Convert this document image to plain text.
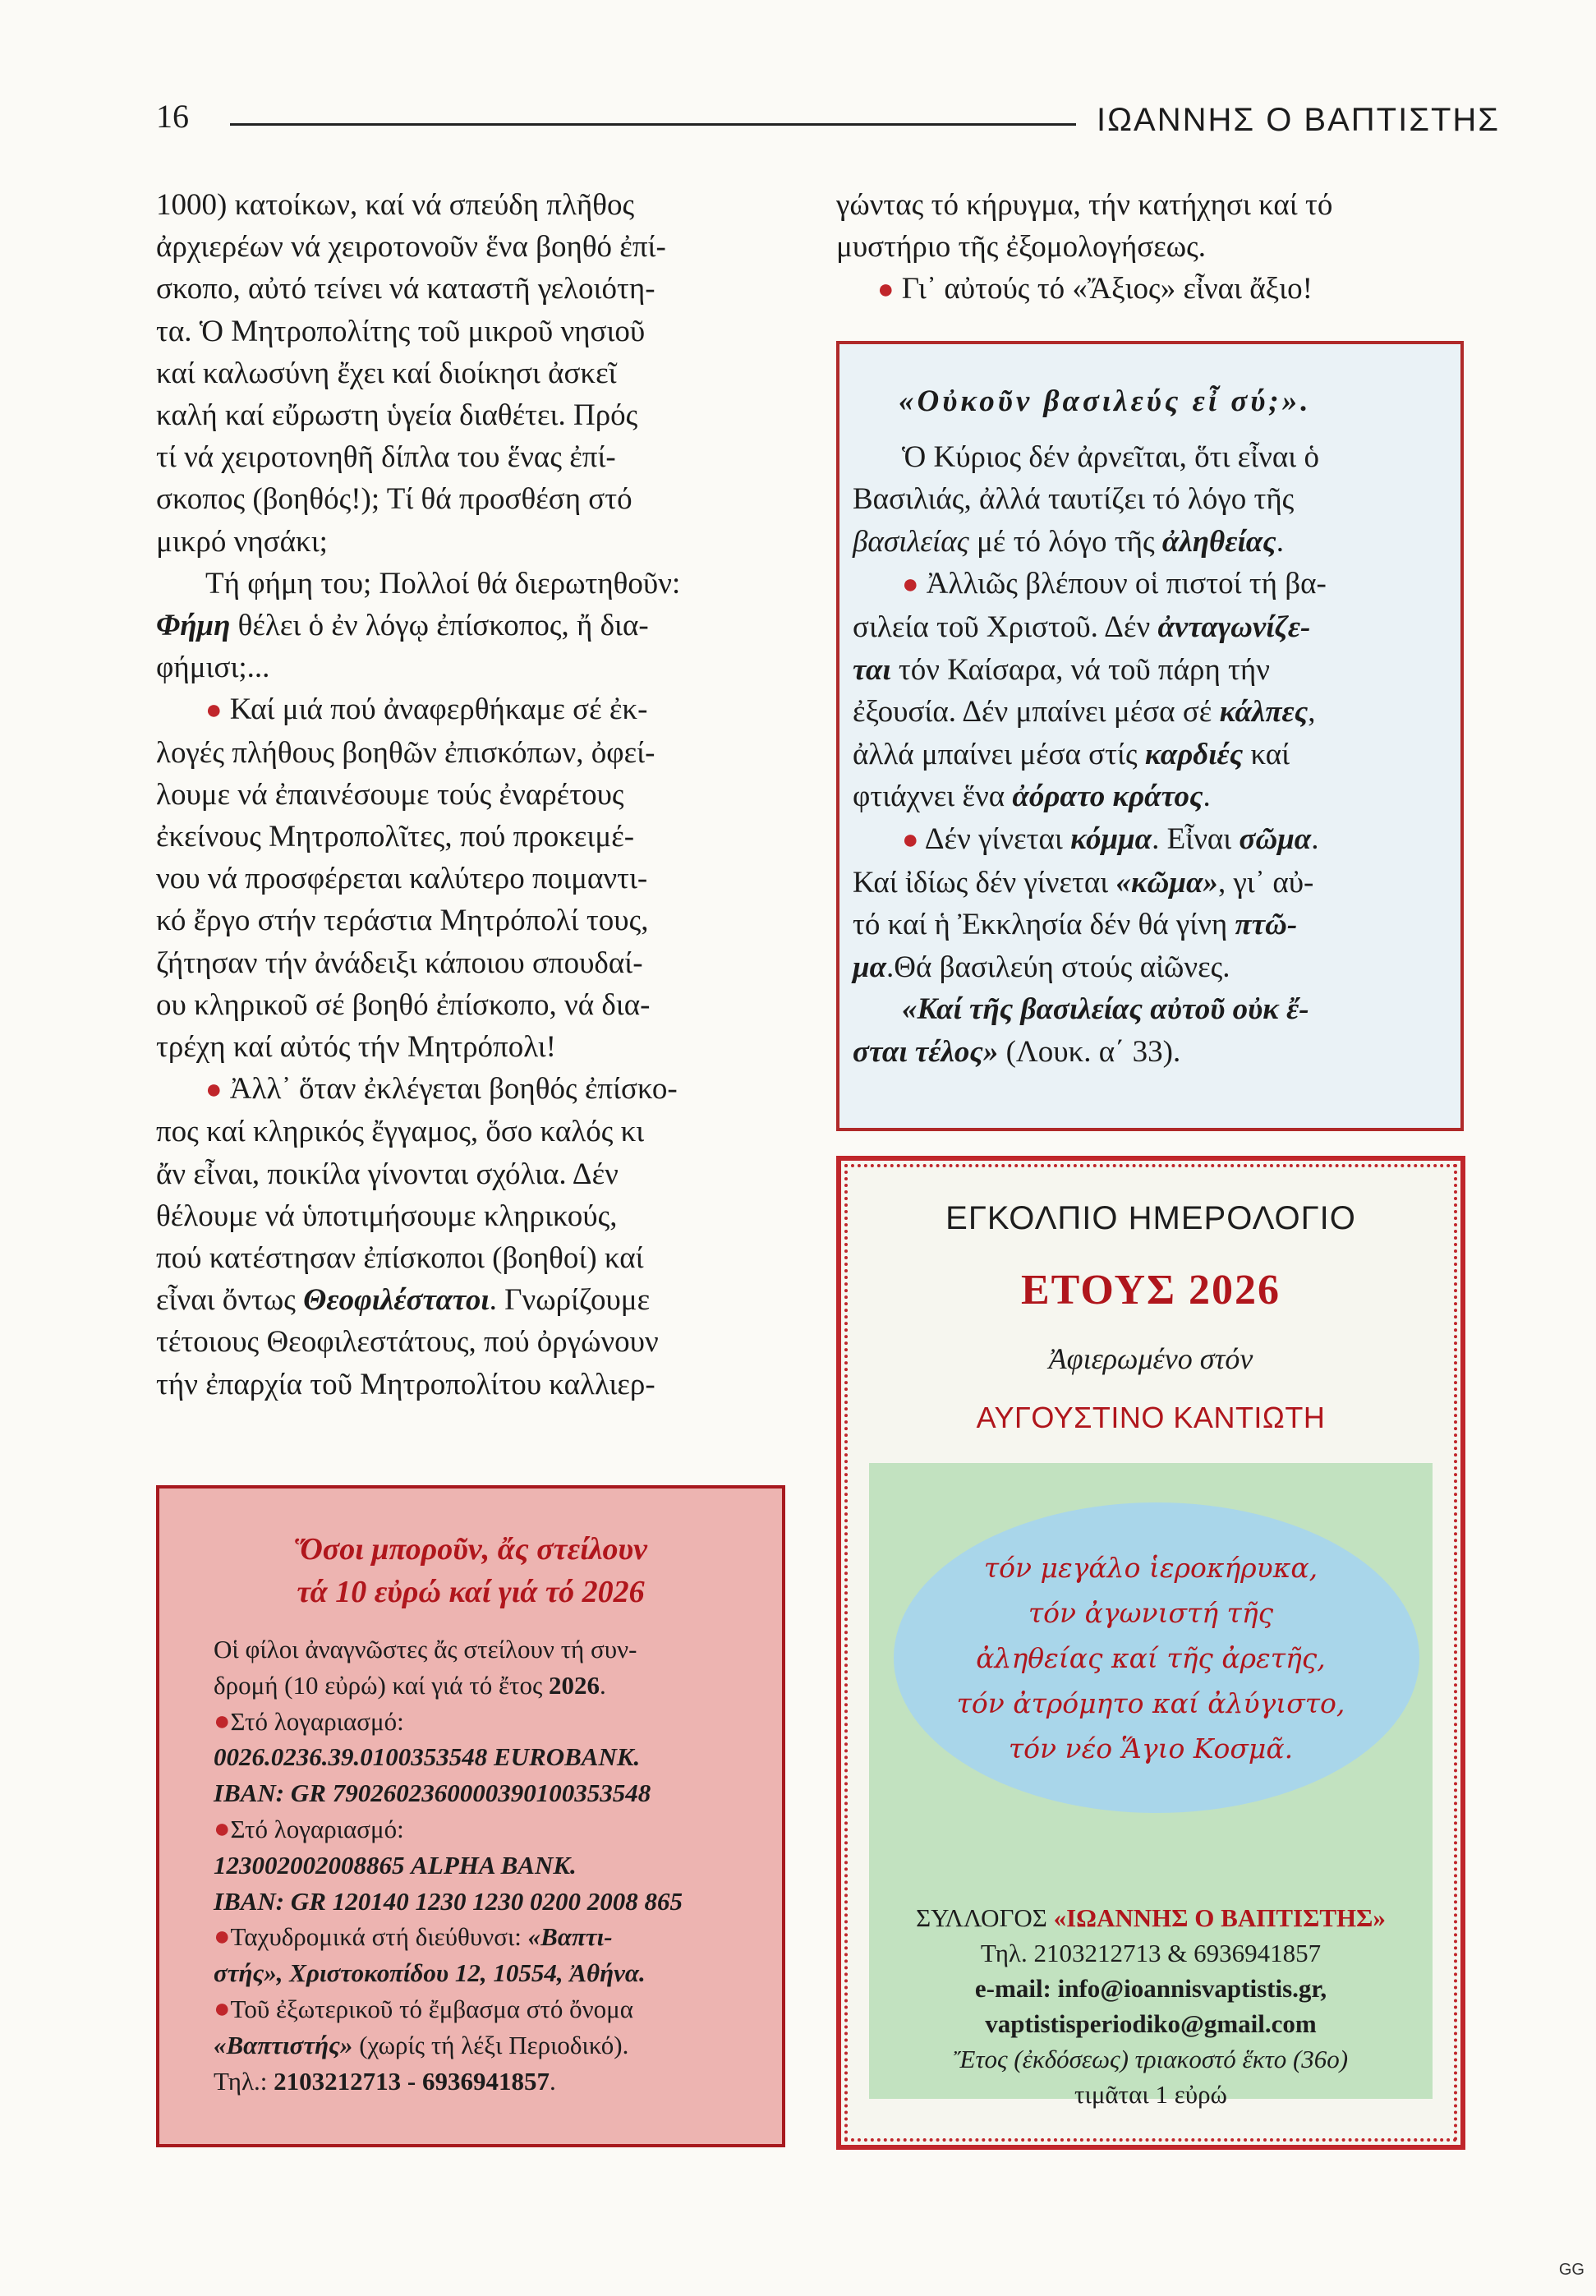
16	ΙΩΑΝΝΗΣ Ο ΒΑΠΤΙΣΤΗΣ

1000) κατοίκων, καί νά σπεύδη πλῆθος
ἀρχιερέων νά χειροτονοῦν ἕνα βοηθό ἐπί-
σκοπο, αὐτό τείνει νά καταστῆ γελοιότη-
τα. Ὁ Μητροπολίτης τοῦ μικροῦ νησιοῦ
καί καλωσύνη ἔχει καί διοίκησι ἀσκεῖ
καλή καί εὔρωστη ὑγεία διαθέτει. Πρός
τί νά χειροτονηθῆ δίπλα του ἕνας ἐπί-
σκοπος (βοηθός!); Τί θά προσθέση στό
μικρό νησάκι;

Τή φήμη του; Πολλοί θά διερωτηθοῦν:
Φήμη θέλει ὁ ἐν λόγῳ ἐπίσκοπος, ἤ δια-
φήμισι;...

● Καί μιά πού ἀναφερθήκαμε σέ ἐκ-
λογές πλήθους βοηθῶν ἐπισκόπων, ὀφεί-
λουμε νά ἐπαινέσουμε τούς ἐναρέτους
ἐκείνους Μητροπολῖτες, πού προκειμέ-
νου νά προσφέρεται καλύτερο ποιμαντι-
κό ἔργο στήν τεράστια Μητρόπολί τους,
ζήτησαν τήν ἀνάδειξι κάποιου σπουδαί-
ου κληρικοῦ σέ βοηθό ἐπίσκοπο, νά δια-
τρέχη καί αὐτός τήν Μητρόπολι!

● Ἀλλ᾽ ὅταν ἐκλέγεται βοηθός ἐπίσκο-
πος καί κληρικός ἔγγαμος, ὅσο καλός κι
ἄν εἶναι, ποικίλα γίνονται σχόλια. Δέν
θέλουμε νά ὑποτιμήσουμε κληρικούς,
πού κατέστησαν ἐπίσκοποι (βοηθοί) καί
εἶναι ὄντως Θεοφιλέστατοι. Γνωρίζουμε
τέτοιους Θεοφιλεστάτους, πού ὀργώνουν
τήν ἐπαρχία τοῦ Μητροπολίτου καλλιερ-

γώντας τό κήρυγμα, τήν κατήχησι καί τό
μυστήριο τῆς ἐξομολογήσεως.
● Γι᾽ αὐτούς τό «Ἄξιος» εἶναι ἄξιο!

«Οὐκοῦν βασιλεύς εἶ σύ;».

Ὁ Κύριος δέν ἀρνεῖται, ὅτι εἶναι ὁ
Βασιλιάς, ἀλλά ταυτίζει τό λόγο τῆς
βασιλείας μέ τό λόγο τῆς ἀληθείας.

● Ἀλλιῶς βλέπουν οἱ πιστοί τή βα-
σιλεία τοῦ Χριστοῦ. Δέν ἀνταγωνίζε-
ται τόν Καίσαρα, νά τοῦ πάρη τήν
ἐξουσία. Δέν μπαίνει μέσα σέ κάλπες,
ἀλλά μπαίνει μέσα στίς καρδιές καί
φτιάχνει ἕνα ἀόρατο κράτος.

● Δέν γίνεται κόμμα. Εἶναι σῶμα.
Καί ἰδίως δέν γίνεται «κῶμα», γι᾽ αὐ-
τό καί ἡ Ἐκκλησία δέν θά γίνη πτῶ-
μα.Θά βασιλεύη στούς αἰῶνες.

«Καί τῆς βασιλείας αὐτοῦ οὐκ ἔ-
σται τέλος» (Λουκ. α΄ 33).

Ὅσοι μποροῦν, ἄς στείλουν
τά 10 εὐρώ καί γιά τό 2026
Οἱ φίλοι ἀναγνῶστες ἄς στείλουν τή συν-
δρομή (10 εὐρώ) καί γιά τό ἔτος 2026.
●Στό λογαριασμό:
0026.0236.39.0100353548 EUROBANK.
IBAN: GR 7902602360000390100353548
●Στό λογαριασμό:
123002002008865 ALPHA BANK.
IBAN: GR 120140 1230 1230 0200 2008 865
●Ταχυδρομικά στή διεύθυνσι: «Βαπτι-
στής», Χριστοκοπίδου 12, 10554, Ἀθήνα.
●Τοῦ ἐξωτερικοῦ τό ἔμβασμα στό ὄνομα
«Βαπτιστής» (χωρίς τή λέξι Περιοδικό).
Τηλ.: 2103212713 - 6936941857.
ΕΓΚΟΛΠΙΟ ΗΜΕΡΟΛΟΓΙΟ
ΕΤΟΥΣ 2026
Ἀφιερωμένο στόν
ΑΥΓΟΥΣΤΙΝΟ ΚΑΝΤΙΩΤΗ
τόν μεγάλο ἱεροκήρυκα,
τόν ἀγωνιστή τῆς
ἀληθείας καί τῆς ἀρετῆς,
τόν ἀτρόμητο καί ἀλύγιστο,
τόν νέο Ἅγιο Κοσμᾶ.
ΣΥΛΛΟΓΟΣ «ΙΩΑΝΝΗΣ Ο ΒΑΠΤΙΣΤΗΣ»
Τηλ. 2103212713 & 6936941857
e-mail: info@ioannisvaptistis.gr,
vaptistisperiodiko@gmail.com
Ἔτος (ἐκδόσεως) τριακοστό ἕκτο (36ο)
τιμᾶται 1 εὐρώ
GG
